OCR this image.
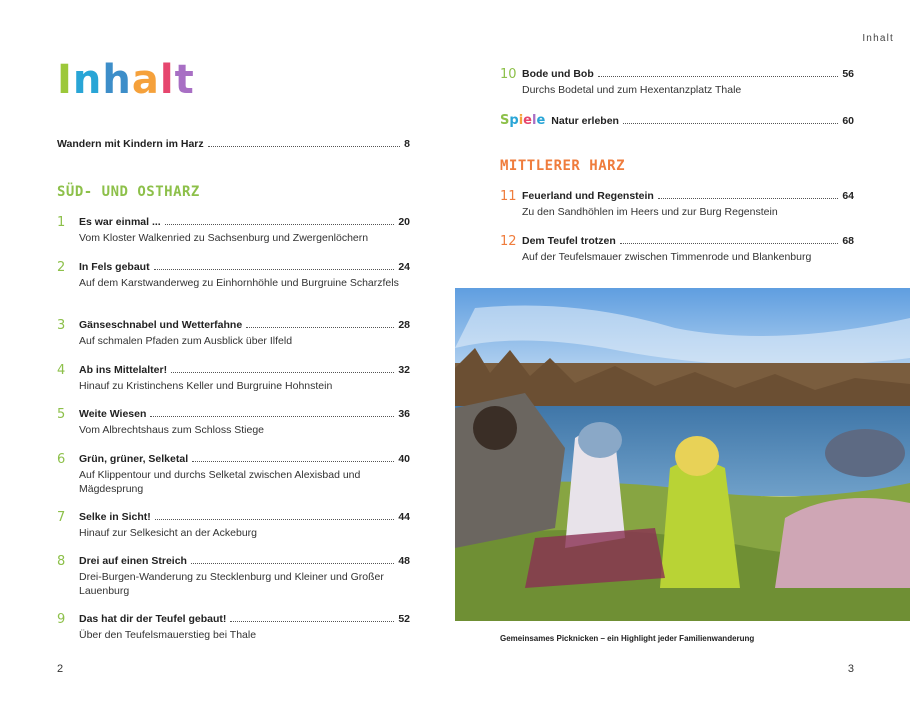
Inhalt
Wandern mit Kindern im Harz	8
SÜD- UND OSTHARZ
1	Es war einmal ...	20
Vom Kloster Walkenried zu Sachsenburg und Zwergenlöchern
2	In Fels gebaut	24
Auf dem Karstwanderweg zu Einhornhöhle und Burgruine Scharzfels
3	Gänseschnabel und Wetterfahne	28
Auf schmalen Pfaden zum Ausblick über Ilfeld
4	Ab ins Mittelalter!	32
Hinauf zu Kristinchens Keller und Burgruine Hohnstein
5	Weite Wiesen	36
Vom Albrechtshaus zum Schloss Stiege
6	Grün, grüner, Selketal	40
Auf Klippentour und durchs Selketal zwischen Alexisbad und Mägdesprung
7	Selke in Sicht!	44
Hinauf zur Selkesicht an der Ackeburg
8	Drei auf einen Streich	48
Drei-Burgen-Wanderung zu Stecklenburg und Kleiner und Großer Lauenburg
9	Das hat dir der Teufel gebaut!	52
Über den Teufelsmauerstieg bei Thale
2
Inhalt
10 Bode und Bob	56
Durchs Bodetal und zum Hexentanzplatz Thale
Spiele Natur erleben	60
MITTLERER HARZ
11 Feuerland und Regenstein	64
Zu den Sandhöhlen im Heers und zur Burg Regenstein
12 Dem Teufel trotzen	68
Auf der Teufelsmauer zwischen Timmenrode und Blankenburg
Gemeinsames Picknicken – ein Highlight jeder Familienwanderung
3
